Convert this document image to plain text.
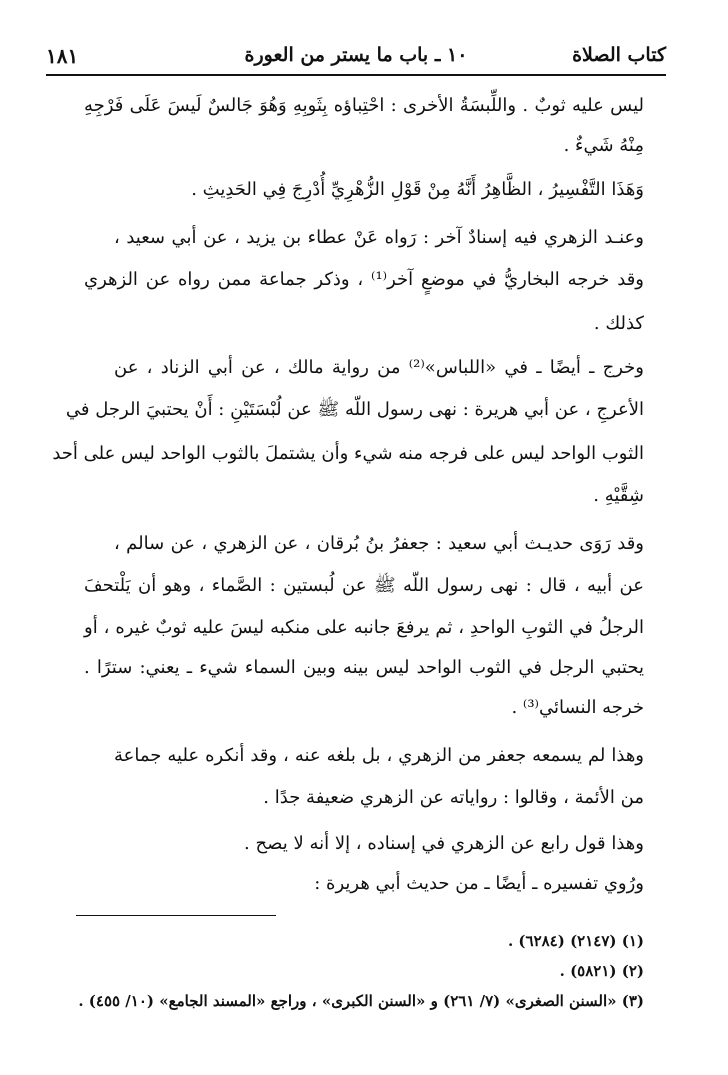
كتاب الصلاة
١٠ ـ باب ما يستر من العورة
١٨١
ليس عليه ثوبٌ . واللِّبسَةُ الأخرى : احْتِباؤه بِثَوبِهِ وَهُوَ جَالسٌ لَيسَ عَلَى فَرْجِهِ
مِنْهُ شَيءٌ .
وَهَذَا التَّفْسِيرُ ، الظَّاهِرُ أَنَّهُ مِنْ قَوْلِ الزُّهْرِيِّ أُدْرِجَ فِي الحَدِيثِ .
وعنـد الزهري فيه إسنادٌ آخر : رَواه عَنْ عطاء بن يزيد ، عن أبي سعيد ،
وقد خرجه البخاريُّ في موضعٍ آخر⁽¹⁾ ، وذكر جماعة ممن رواه عن الزهري
كذلك .
وخرج ـ أيضًا ـ في «اللباس»⁽²⁾ من رواية مالك ، عن أبي الزناد ، عن
الأعرجِ ، عن أبي هريرة : نهى رسول اللّه ﷺ عن لُبْسَتَيْنِ : أَنْ يحتبيَ الرجل في
الثوب الواحد ليس على فرجه منه شيء وأن يشتملَ بالثوب الواحد ليس على أحد
شِقَّيْهِ .
وقد رَوَى حديـث أبي سعيد : جعفرُ بنُ بُرقان ، عن الزهري ، عن سالم ،
عن أبيه ، قال : نهى رسول اللّه ﷺ عن لُبستين : الصَّماء ، وهو أن يَلْتحفَ
الرجلُ في الثوبِ الواحدِ ، ثم يرفعَ جانبه على منكبه ليسَ عليه ثوبٌ غيره ، أو
يحتبي الرجل في الثوب الواحد ليس بينه وبين السماء شيء ـ يعني: سترًا .
خرجه النسائي⁽³⁾ .
وهذا لم يسمعه جعفر من الزهري ، بل بلغه عنه ، وقد أنكره عليه جماعة
من الأئمة ، وقالوا : رواياته عن الزهري ضعيفة جدًا .
وهذا قول رابع عن الزهري في إسناده ، إلا أنه لا يصح .
ورُوي تفسيره ـ أيضًا ـ من حديث أبي هريرة :
(١) (٢١٤٧) (٦٢٨٤) .
(٢) (٥٨٢١) .
(٣) «السنن الصغرى» (٧/ ٢٦١) و «السنن الكبرى» ، وراجع «المسند الجامع» (١٠/ ٤٥٥) .
